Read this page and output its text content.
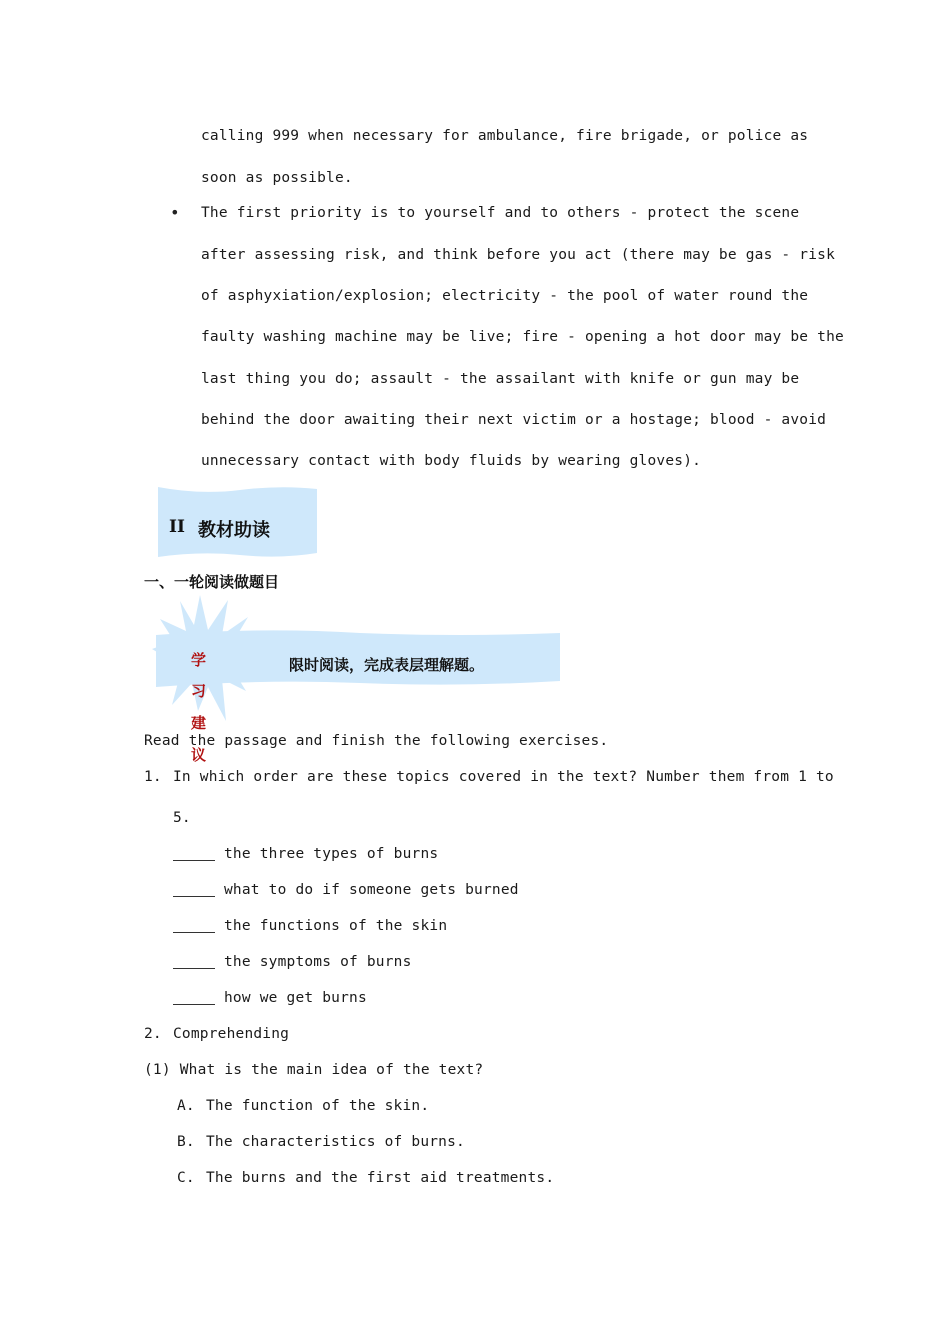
calling 999 when necessary for ambulance, fire brigade, or police as
soon as possible.
• The first priority is to yourself and to others - protect the scene
after assessing risk, and think before you act (there may be gas - risk
of asphyxiation/explosion; electricity - the pool of water round the
faulty washing machine may be live; fire - opening a hot door may be the
last thing you do; assault - the assailant with knife or gun may be
behind the door awaiting their next victim or a hostage; blood - avoid
unnecessary contact with body fluids by wearing gloves).
II 教材助读
一、一轮阅读做题目
学
习
建
议
限时阅读，完成表层理解题。
Read the passage and finish the following exercises.
1. In which order are these topics covered in the text? Number them from 1 to
5.
the three types of burns
what to do if someone gets burned
the functions of the skin
the symptoms of burns
how we get burns
2. Comprehending
(1) What is the main idea of the text?
A. The function of the skin.
B. The characteristics of burns.
C. The burns and the first aid treatments.
